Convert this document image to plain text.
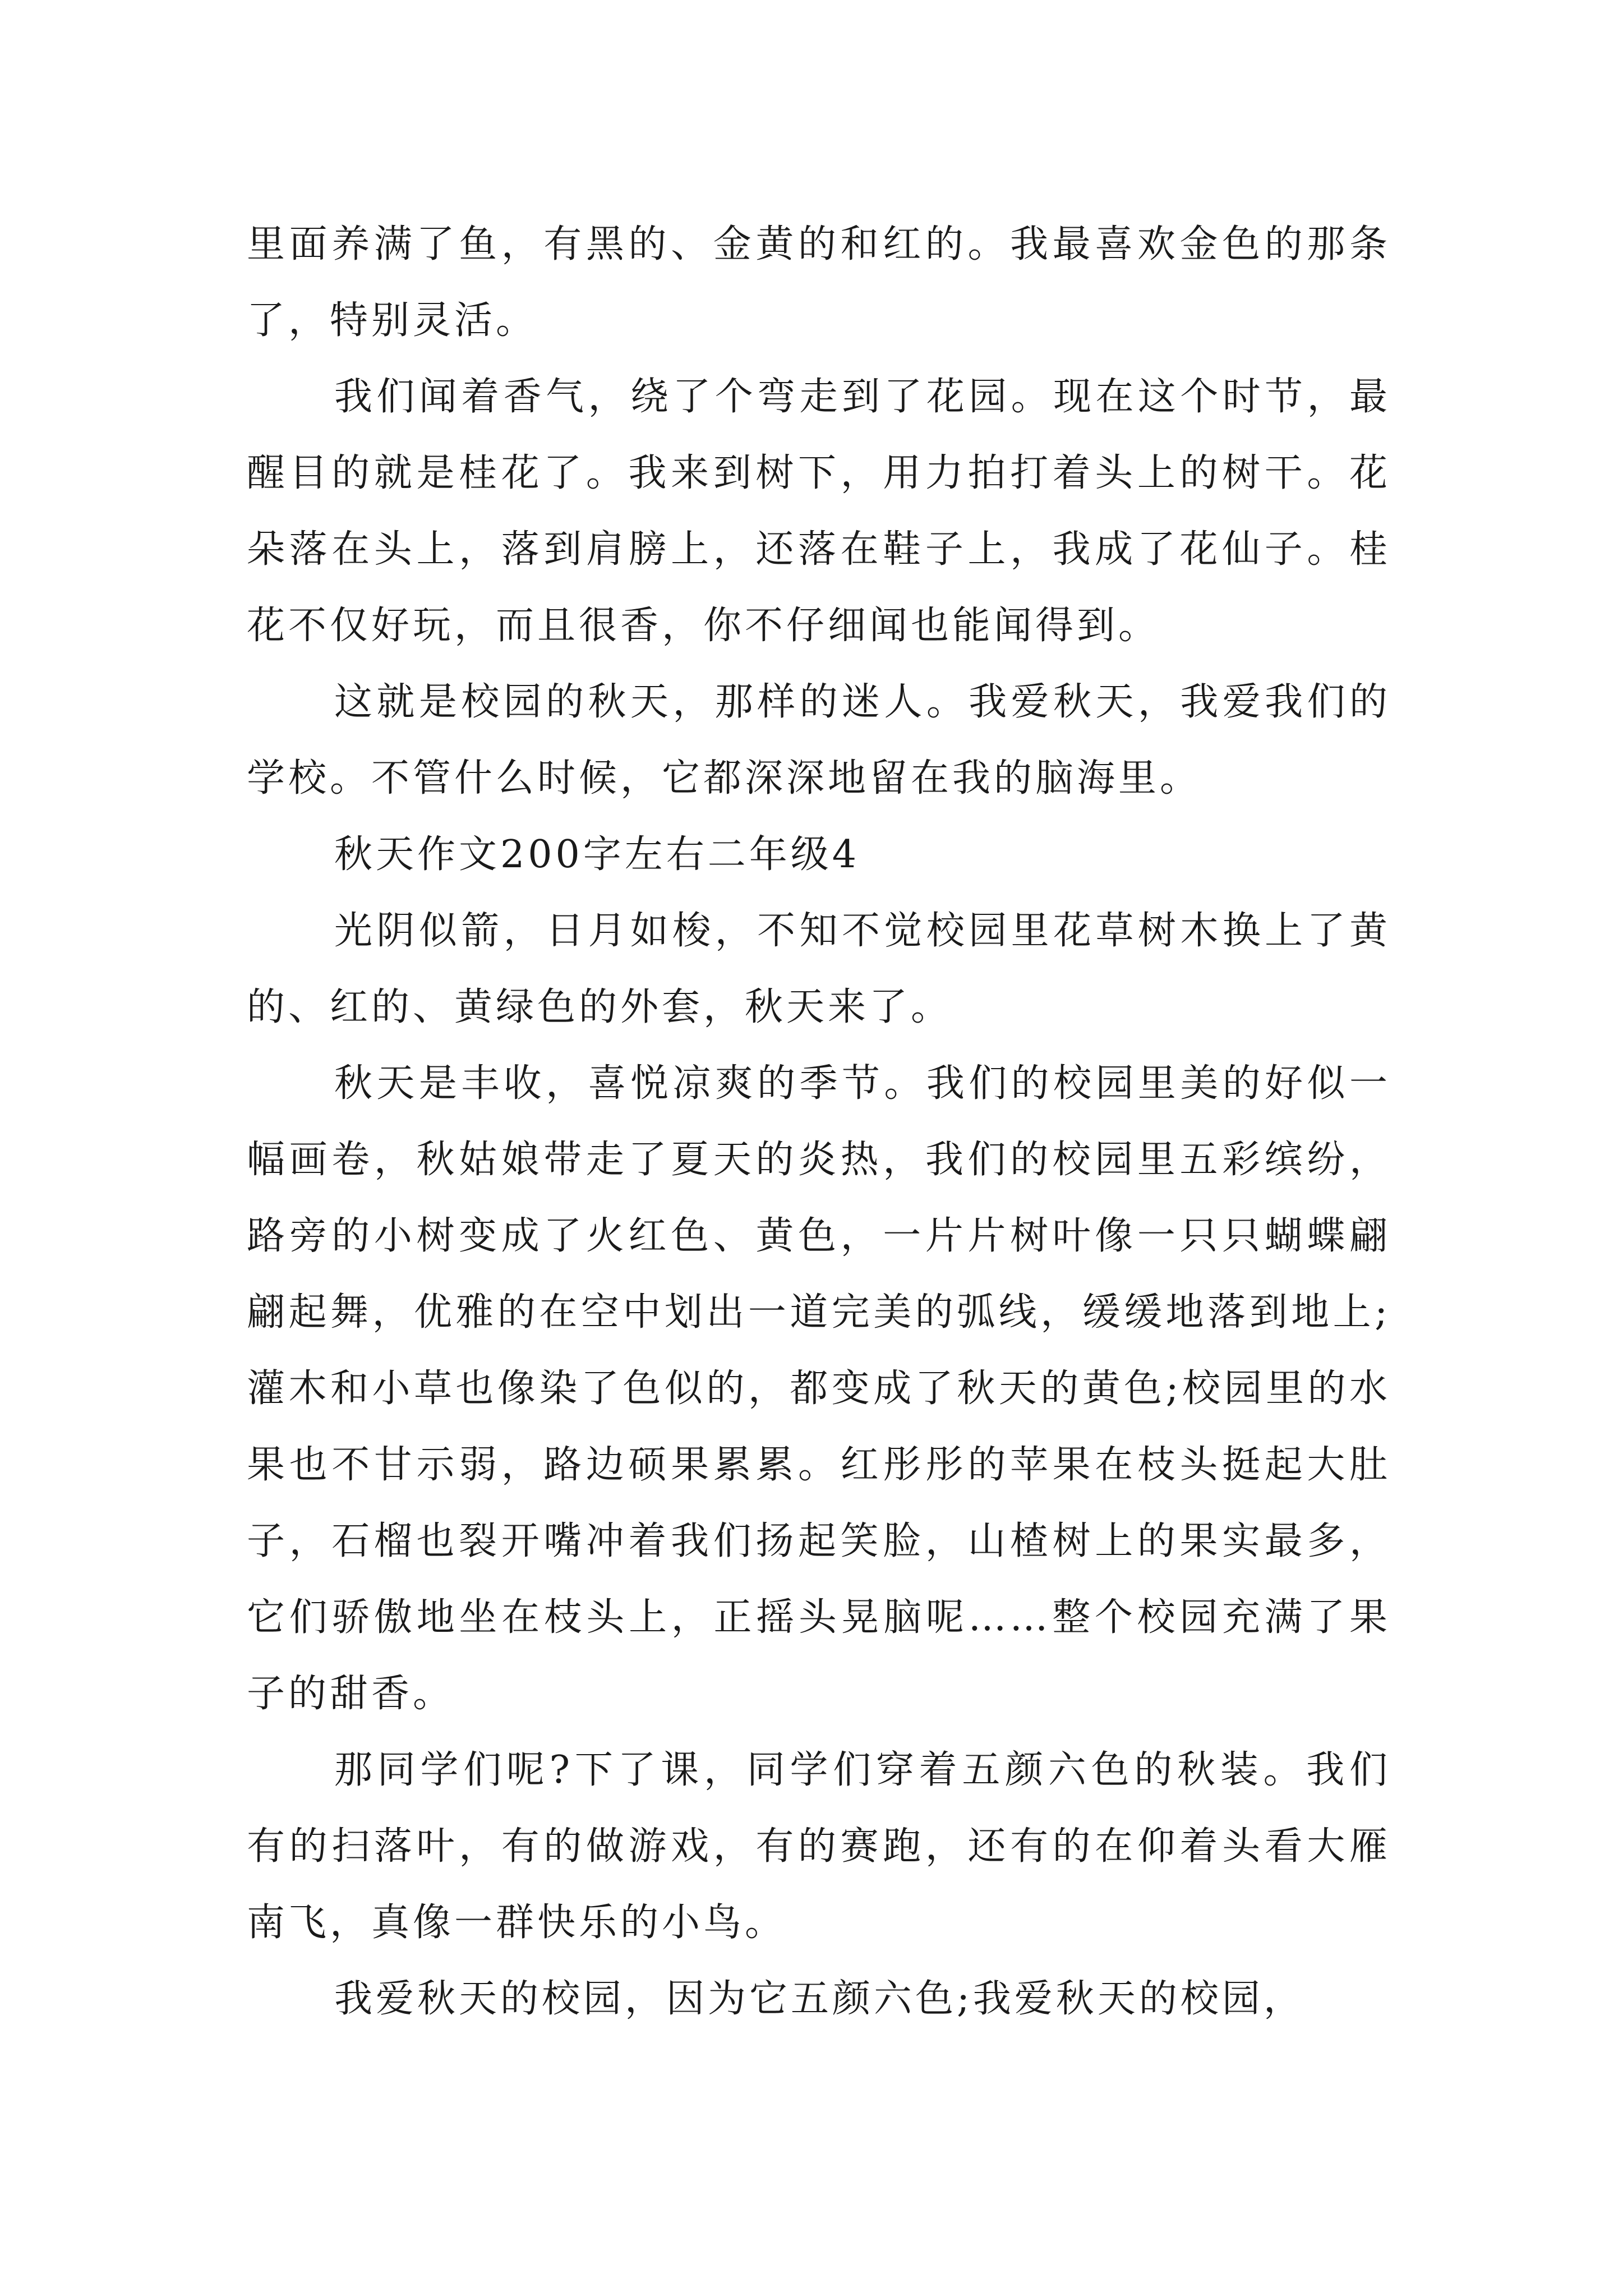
里面养满了鱼，有黑的、金黄的和红的。我最喜欢金色的那条了，特别灵活。

我们闻着香气，绕了个弯走到了花园。现在这个时节，最醒目的就是桂花了。我来到树下，用力拍打着头上的树干。花朵落在头上，落到肩膀上，还落在鞋子上，我成了花仙子。桂花不仅好玩，而且很香，你不仔细闻也能闻得到。

这就是校园的秋天，那样的迷人。我爱秋天，我爱我们的学校。不管什么时候，它都深深地留在我的脑海里。

秋天作文200字左右二年级4

光阴似箭，日月如梭，不知不觉校园里花草树木换上了黄的、红的、黄绿色的外套，秋天来了。

秋天是丰收，喜悦凉爽的季节。我们的校园里美的好似一幅画卷，秋姑娘带走了夏天的炎热，我们的校园里五彩缤纷，路旁的小树变成了火红色、黄色，一片片树叶像一只只蝴蝶翩翩起舞，优雅的在空中划出一道完美的弧线，缓缓地落到地上;灌木和小草也像染了色似的，都变成了秋天的黄色;校园里的水果也不甘示弱，路边硕果累累。红彤彤的苹果在枝头挺起大肚子，石榴也裂开嘴冲着我们扬起笑脸，山楂树上的果实最多，它们骄傲地坐在枝头上，正摇头晃脑呢……整个校园充满了果子的甜香。

那同学们呢?下了课，同学们穿着五颜六色的秋装。我们有的扫落叶，有的做游戏，有的赛跑，还有的在仰着头看大雁南飞，真像一群快乐的小鸟。

我爱秋天的校园，因为它五颜六色;我爱秋天的校园，
